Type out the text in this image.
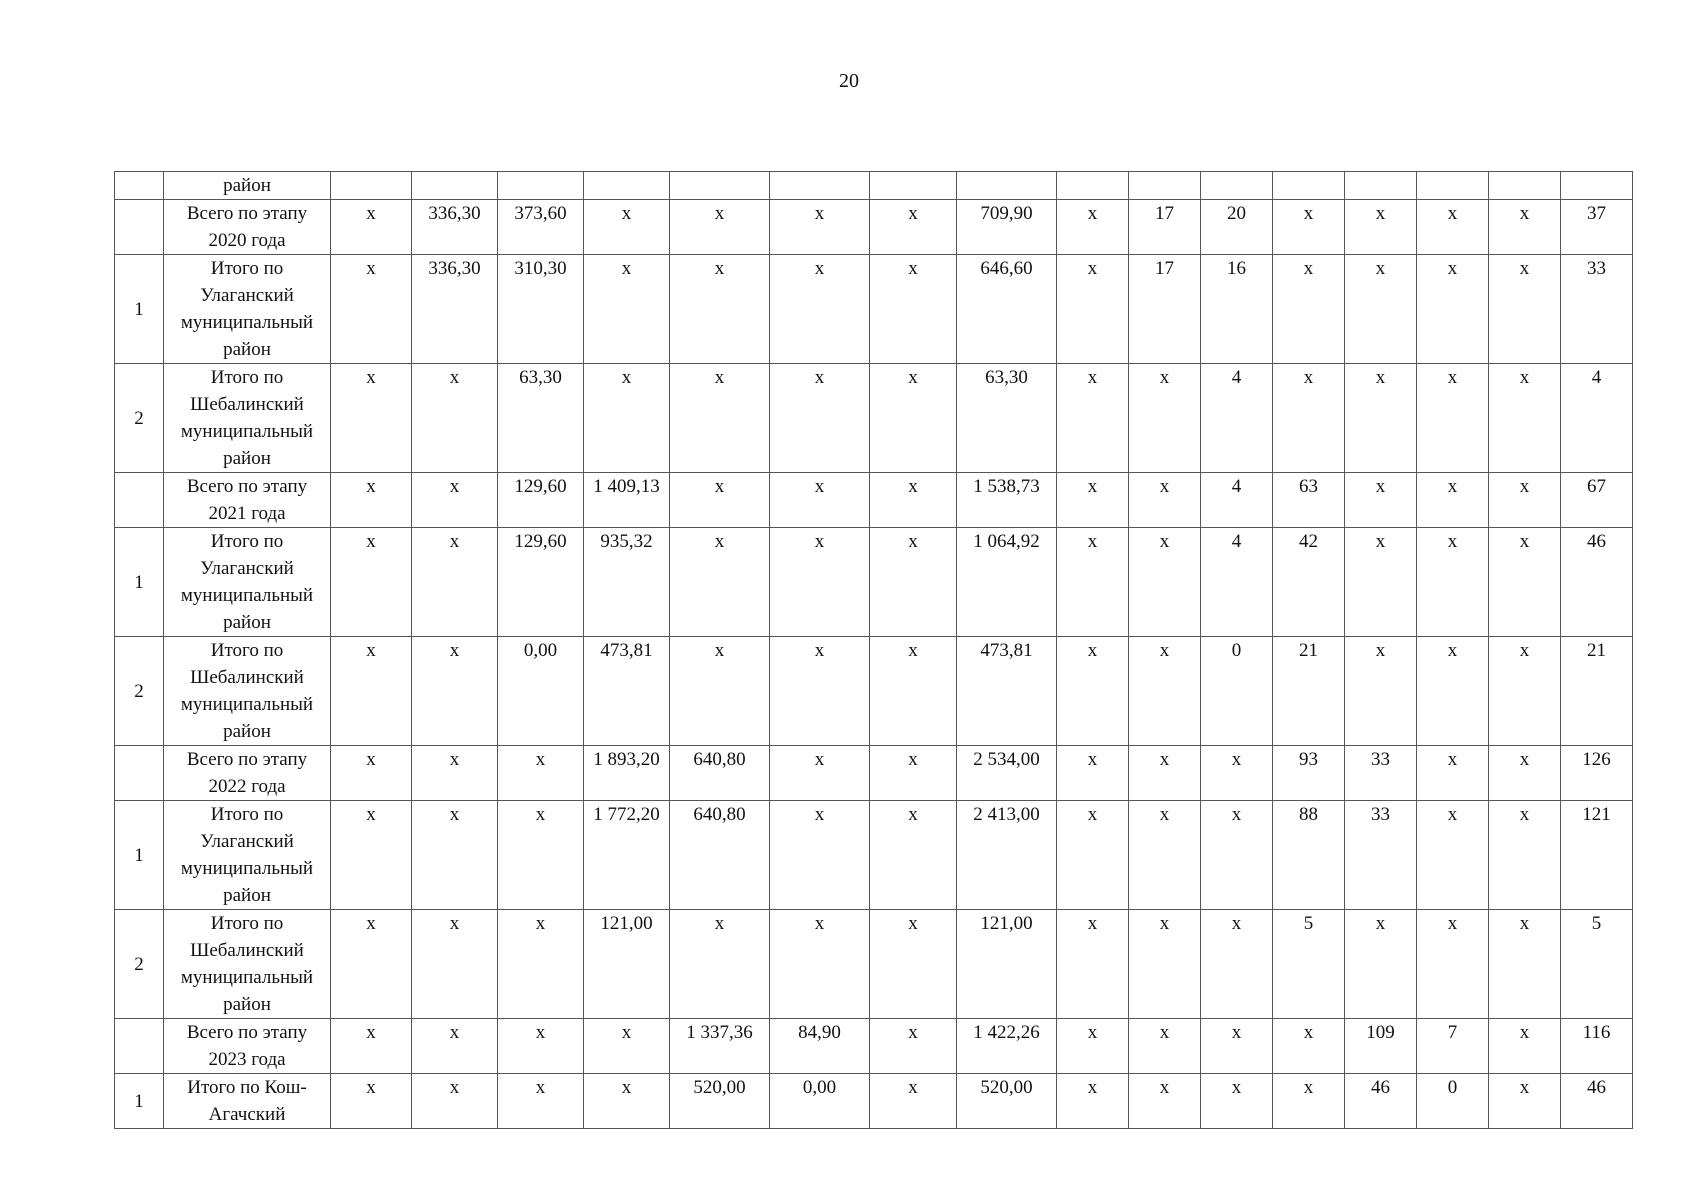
20
	район																
	Всего по этапу 2020 года	х	336,30	373,60	х	х	х	х	709,90	х	17	20	х	х	х	х	37
1	Итого по Улаганский муниципальный район	х	336,30	310,30	х	х	х	х	646,60	х	17	16	х	х	х	х	33
2	Итого по Шебалинский муниципальный район	х	х	63,30	х	х	х	х	63,30	х	х	4	х	х	х	х	4
	Всего по этапу 2021 года	х	х	129,60	1 409,13	х	х	х	1 538,73	х	х	4	63	х	х	х	67
1	Итого по Улаганский муниципальный район	х	х	129,60	935,32	х	х	х	1 064,92	х	х	4	42	х	х	х	46
2	Итого по Шебалинский муниципальный район	х	х	0,00	473,81	х	х	х	473,81	х	х	0	21	х	х	х	21
	Всего по этапу 2022 года	х	х	х	1 893,20	640,80	х	х	2 534,00	х	х	х	93	33	х	х	126
1	Итого по Улаганский муниципальный район	х	х	х	1 772,20	640,80	х	х	2 413,00	х	х	х	88	33	х	х	121
2	Итого по Шебалинский муниципальный район	х	х	х	121,00	х	х	х	121,00	х	х	х	5	х	х	х	5
	Всего по этапу 2023 года	х	х	х	х	1 337,36	84,90	х	1 422,26	х	х	х	х	109	7	х	116
1	Итого по Кош-Агачский	х	х	х	х	520,00	0,00	х	520,00	х	х	х	х	46	0	х	46
